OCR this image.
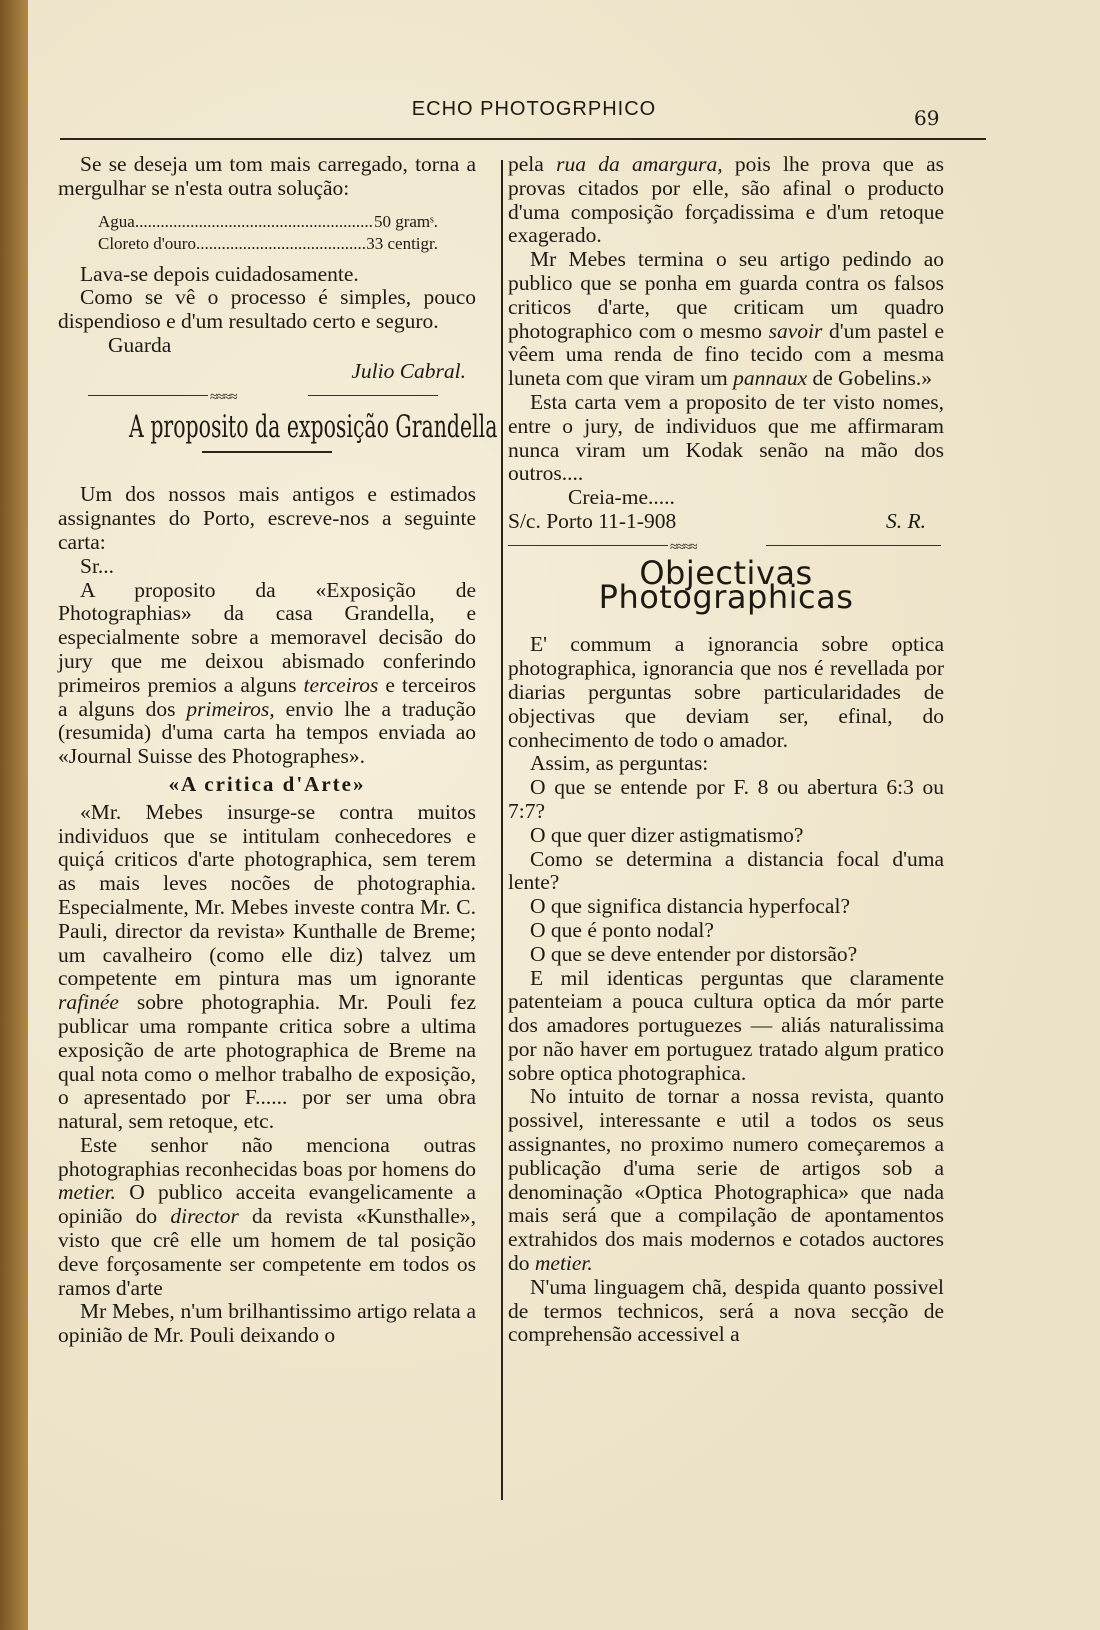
ECHO PHOTOGRPHICO	69

Se se deseja um tom mais carregado, torna a mergulhar se n'esta outra solução:

Agua .....	50 gramˢ.
Cloreto d'ouro .....	33 centigr.

Lava-se depois cuidadosamente.

Como se vê o processo é simples, pouco dispendioso e d'um resultado certo e seguro.

Guarda

Julio Cabral.
≈≈≈≈
A proposito da exposição Grandella

Um dos nossos mais antigos e estimados assignantes do Porto, escreve-nos a seguinte carta:

Sr...

A proposito da «Exposição de Photographias» da casa Grandella, e especialmente sobre a memoravel decisão do jury que me deixou abismado conferindo primeiros premios a alguns terceiros e terceiros a alguns dos primeiros, envio lhe a tradução (resumida) d'uma carta ha tempos enviada ao «Journal Suisse des Photographes».

«A critica d'Arte»

«Mr. Mebes insurge-se contra muitos individuos que se intitulam conhecedores e quiçá criticos d'arte photographica, sem terem as mais leves nocões de photographia. Especialmente, Mr. Mebes investe contra Mr. C. Pauli, director da revista» Kunthalle de Breme; um cavalheiro (como elle diz) talvez um competente em pintura mas um ignorante rafinée sobre photographia. Mr. Pouli fez publicar uma rompante critica sobre a ultima exposição de arte photographica de Breme na qual nota como o melhor trabalho de exposição, o apresentado por F...... por ser uma obra natural, sem retoque, etc.

Este senhor não menciona outras photographias reconhecidas boas por homens do metier. O publico acceita evangelicamente a opinião do director da revista «Kunsthalle», visto que crê elle um homem de tal posição deve forçosamente ser competente em todos os ramos d'arte

Mr Mebes, n'um brilhantissimo artigo relata a opinião de Mr. Pouli deixando o

pela rua da amargura, pois lhe prova que as provas citados por elle, são afinal o producto d'uma composição forçadissima e d'um retoque exagerado.

Mr Mebes termina o seu artigo pedindo ao publico que se ponha em guarda contra os falsos criticos d'arte, que criticam um quadro photographico com o mesmo savoir d'um pastel e vêem uma renda de fino tecido com a mesma luneta com que viram um pannaux de Gobelins.»

Esta carta vem a proposito de ter visto nomes, entre o jury, de individuos que me affirmaram nunca viram um Kodak senão na mão dos outros....

Creia-me.....

S/c. Porto 11-1-908	S. R.
≈≈≈≈
Objectivas Photographicas

E' commum a ignorancia sobre optica photographica, ignorancia que nos é revellada por diarias perguntas sobre particularidades de objectivas que deviam ser, efinal, do conhecimento de todo o amador.

Assim, as perguntas:

O que se entende por F. 8 ou abertura 6:3 ou 7:7?

O que quer dizer astigmatismo?

Como se determina a distancia focal d'uma lente?

O que significa distancia hyperfocal?

O que é ponto nodal?

O que se deve entender por distorsão?

E mil identicas perguntas que claramente patenteiam a pouca cultura optica da mór parte dos amadores portuguezes — aliás naturalissima por não haver em portuguez tratado algum pratico sobre optica photographica.

No intuito de tornar a nossa revista, quanto possivel, interessante e util a todos os seus assignantes, no proximo numero começaremos a publicação d'uma serie de artigos sob a denominação «Optica Photographica» que nada mais será que a compilação de apontamentos extrahidos dos mais modernos e cotados auctores do metier.

N'uma linguagem chã, despida quanto possivel de termos technicos, será a nova secção de comprehensão accessivel a
